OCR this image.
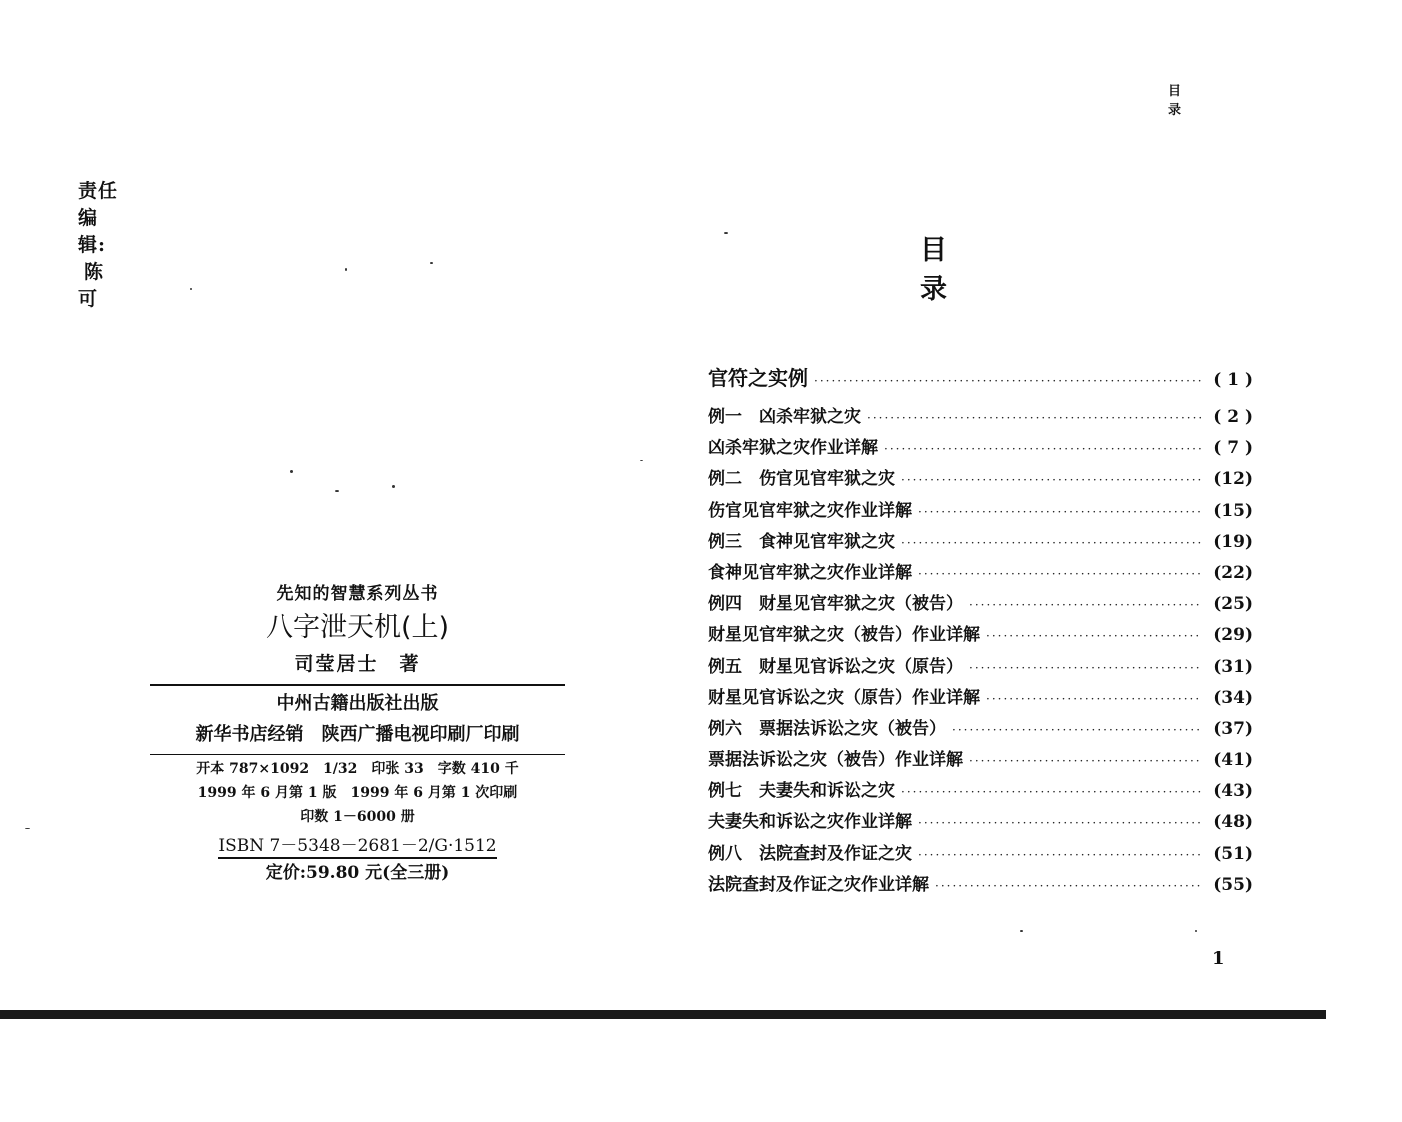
责任编辑:陈　可
先知的智慧系列丛书
八字泄天机(上)
司莹居士　著
中州古籍出版社出版
新华书店经销　陕西广播电视印刷厂印刷
开本 787×1092　1/32　印张 33　字数 410 千
1999 年 6 月第 1 版　1999 年 6 月第 1 次印刷
印数 1－6000 册
ISBN 7－5348－2681－2/G·1512
定价:59.80 元(全三册)
目录
目录
官符之实例 ·····	( 1 )
例一　凶杀牢狱之灾 ·····	( 2 )
凶杀牢狱之灾作业详解 ·····	( 7 )
例二　伤官见官牢狱之灾 ·····	(12)
伤官见官牢狱之灾作业详解 ·····	(15)
例三　食神见官牢狱之灾 ·····	(19)
食神见官牢狱之灾作业详解 ·····	(22)
例四　财星见官牢狱之灾（被告） ·····	(25)
财星见官牢狱之灾（被告）作业详解 ·····	(29)
例五　财星见官诉讼之灾（原告） ·····	(31)
财星见官诉讼之灾（原告）作业详解 ·····	(34)
例六　票据法诉讼之灾（被告） ·····	(37)
票据法诉讼之灾（被告）作业详解 ·····	(41)
例七　夫妻失和诉讼之灾 ·····	(43)
夫妻失和诉讼之灾作业详解 ·····	(48)
例八　法院查封及作证之灾 ·····	(51)
法院查封及作证之灾作业详解 ·····	(55)
1
